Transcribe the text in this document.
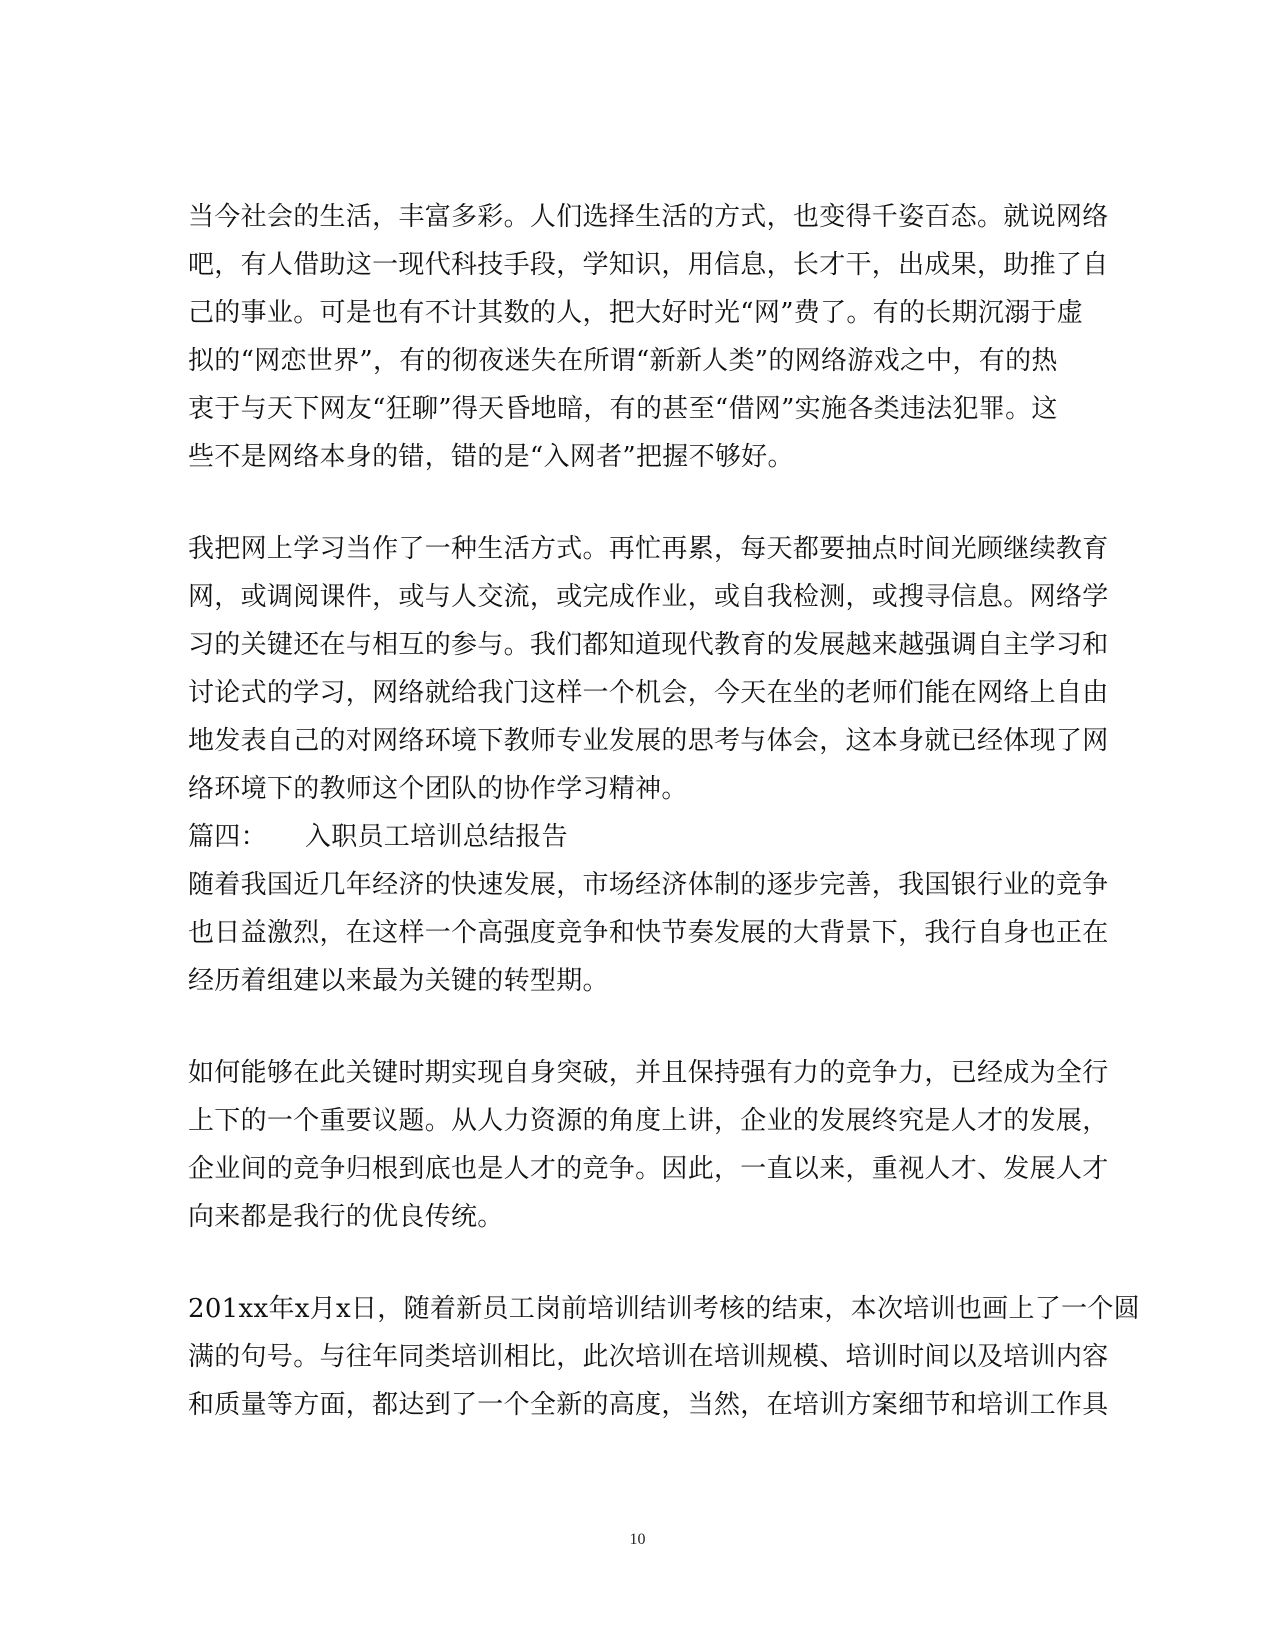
当今社会的生活，丰富多彩。人们选择生活的方式，也变得千姿百态。就说网络
吧，有人借助这一现代科技手段，学知识，用信息，长才干，出成果，助推了自
己的事业。可是也有不计其数的人，把大好时光“网”费了。有的长期沉溺于虚
拟的“网恋世界”，有的彻夜迷失在所谓“新新人类”的网络游戏之中，有的热
衷于与天下网友“狂聊”得天昏地暗，有的甚至“借网”实施各类违法犯罪。这
些不是网络本身的错，错的是“入网者”把握不够好。
我把网上学习当作了一种生活方式。再忙再累，每天都要抽点时间光顾继续教育
网，或调阅课件，或与人交流，或完成作业，或自我检测，或搜寻信息。网络学
习的关键还在与相互的参与。我们都知道现代教育的发展越来越强调自主学习和
讨论式的学习，网络就给我门这样一个机会，今天在坐的老师们能在网络上自由
地发表自己的对网络环境下教师专业发展的思考与体会，这本身就已经体现了网
络环境下的教师这个团队的协作学习精神。
篇四： 入职员工培训总结报告
随着我国近几年经济的快速发展，市场经济体制的逐步完善，我国银行业的竞争
也日益激烈，在这样一个高强度竞争和快节奏发展的大背景下，我行自身也正在
经历着组建以来最为关键的转型期。
如何能够在此关键时期实现自身突破，并且保持强有力的竞争力，已经成为全行
上下的一个重要议题。从人力资源的角度上讲，企业的发展终究是人才的发展，
企业间的竞争归根到底也是人才的竞争。因此，一直以来，重视人才、发展人才
向来都是我行的优良传统。
201xx年x月x日，随着新员工岗前培训结训考核的结束，本次培训也画上了一个圆
满的句号。与往年同类培训相比，此次培训在培训规模、培训时间以及培训内容
和质量等方面，都达到了一个全新的高度，当然，在培训方案细节和培训工作具
10
